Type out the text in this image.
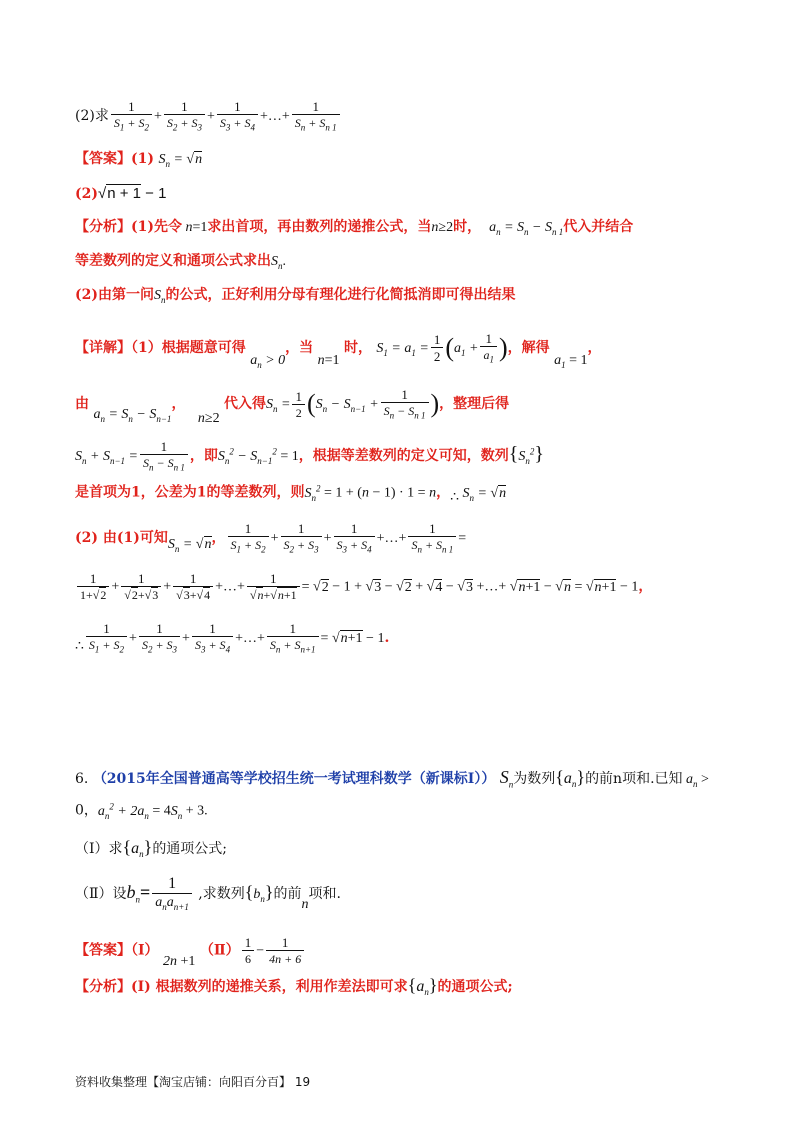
(2)求 $\frac{1}{S_1 + S_2} + \frac{1}{S_2 + S_3} + \frac{1}{S_3 + S_4}$ +…+ $\frac{1}{S_n + S_{n 1}}$
【答案】(1) $S_n = √n$
(2)√n + 1 − 1
【分析】(1)先令 n=1求出首项，再由数列的递推公式，当n≥2时， $a_n = S_n - S_{n 1}$代入并结合
等差数列的定义和通项公式求出$S_n$.
(2)由第一问$S_n$的公式，正好利用分母有理化进行化简抵消即可得出结果
【详解】（1）根据题意可得 $a_n > 0$，当 n=1 时， $S_1 = a_1 = \frac{1}{2} (a_1 + \frac{1}{a_1}$ )，解得 $a_1 = 1$，
由 $a_n = S_n - S_{n-1}$， n≥2 代入得$S_n = \frac{1}{2} (S_n - S_{n-1} + \frac{1}{S_n - S_{n 1}}$ )，整理后得
$S_n + S_{n-1} = \frac{1}{S_n - S_{n 1}}$ ，即$S_n^2 - S_{n-1}^2 = 1$，根据等差数列的定义可知，数列$\{S_n^2\}$
是首项为1，公差为1的等差数列，则$S_n^2 = 1 + (n - 1) \cdot 1 = n$，∴ $S_n = √n$
(2) 由(1)可知$S_n = √n$， $\frac{1}{S_1 + S_2} + \frac{1}{S_2 + S_3} + \frac{1}{S_3 + S_4}$ +…+ $\frac{1}{S_n + S_{n 1}}$ =
$\frac{1}{1+√2} + \frac{1}{√2+√3} + \frac{1}{√3+√4}$ +…+ $\frac{1}{√n+√n+1} = √2 - 1 + √3 - √2 + √4 - √3$ +…+ √n+1 − √n = √n+1 − 1，
∴ $\frac{1}{S_1 + S_2} + \frac{1}{S_2 + S_3} + \frac{1}{S_3 + S_4}$ +…+ $\frac{1}{S_n + S_{n+1}} = √n+1 - 1$.
6. （2015年全国普通高等学校招生统一考试理科数学（新课标Ⅰ）） $S_n$为数列$\{a_n\}$的前n项和.已知 $a_n$ >
0，$a_n^2 + 2a_n = 4S_n + 3$.
（Ⅰ）求$\{a_n\}$的通项公式;
（Ⅱ）设$b_n= \frac{1}{a_na_{n+1}}$ ,求数列$\{b_n\}$的前n项和.
【答案】（Ⅰ） 2n +1 （Ⅱ） $\frac{1}{6} - \frac{1}{4n + 6}$
【分析】(I) 根据数列的递推关系，利用作差法即可求$\{a_n\}$的通项公式;
资料收集整理【淘宝店铺：向阳百分百】 19
